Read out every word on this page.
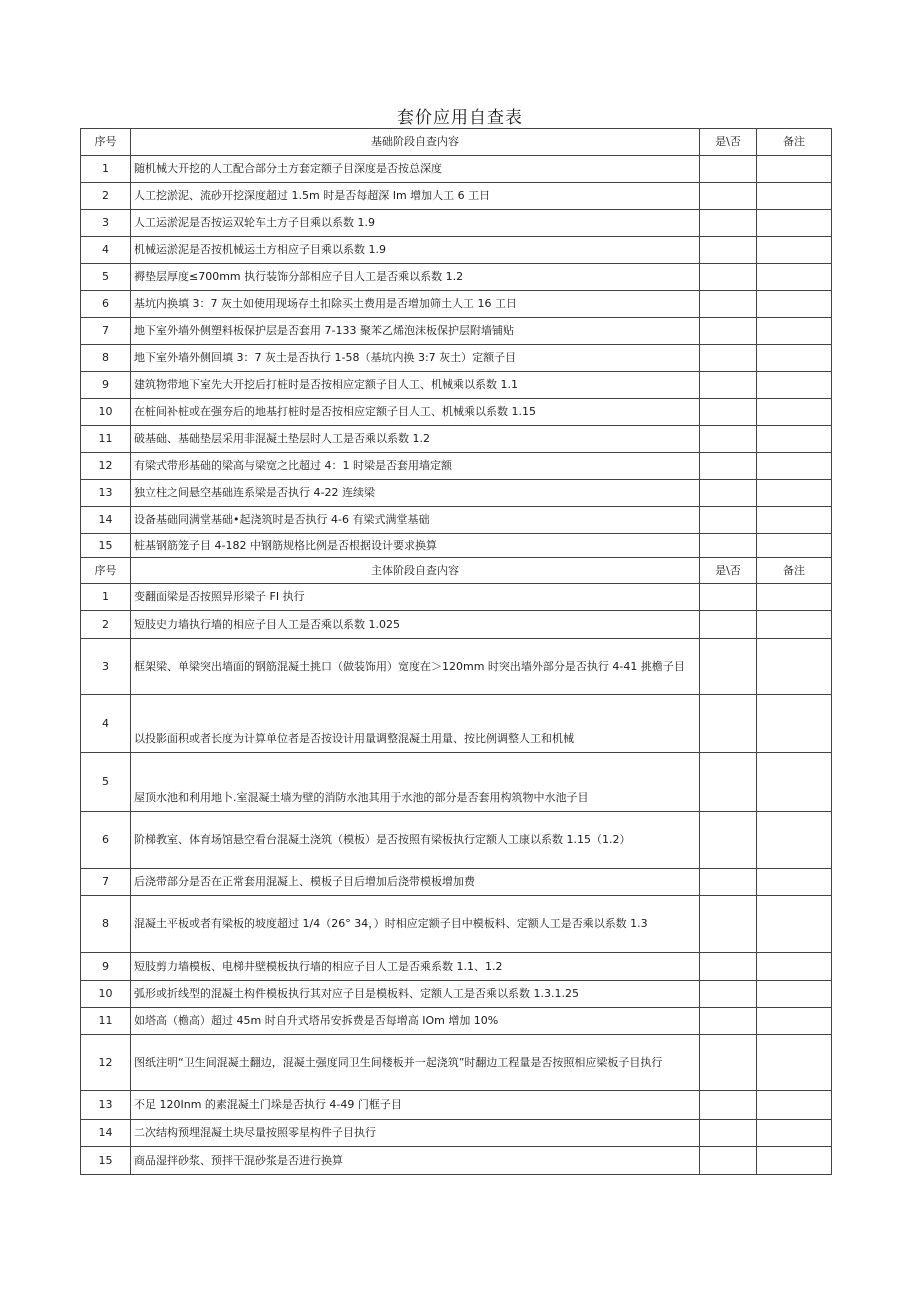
套价应用自查表
序号	基础阶段自查内容	是\否	备注
1	随机械大开挖的人工配合部分土方套定额子目深度是否按总深度		
2	人工挖淤泥、流砂开挖深度超过 1.5m 时是否每超深 Im 增加人工 6 工日		
3	人工运淤泥是否按运双轮车土方子目乘以系数 1.9		
4	机械运淤泥是否按机械运土方相应子目乘以系数 1.9		
5	褥垫层厚度≤700mm 执行装饰分部相应子目人工是否乘以系数 1.2		
6	基坑内换填 3：7 灰土如使用现场存土扣除买土费用是否增加筛土人工 16 工日		
7	地下室外墙外侧塑料板保护层是否套用 7-133 聚苯乙烯泡沫板保护层附墙铺贴		
8	地下室外墙外侧回填 3：7 灰土是否执行 1-58（基坑内换 3:7 灰土）定额子目		
9	建筑物带地下室先大开挖后打桩时是否按相应定额子目人工、机械乘以系数 1.1		
10	在桩间补桩或在强夯后的地基打桩时是否按相应定额子目人工、机械乘以系数 1.15		
11	破基础、基础垫层采用非混凝土垫层时人工是否乘以系数 1.2		
12	有梁式带形基础的梁高与梁宽之比超过 4：1 时梁是否套用墙定额		
13	独立柱之间悬空基础连系梁是否执行 4-22 连续梁		
14	设备基础同满堂基础•起浇筑时是否执行 4-6 有梁式满堂基础		
15	桩基钢筋笼子目 4-182 中钢筋规格比例是否根据设计要求换算		
序号	主体阶段自查内容	是\否	备注
1	变翻面梁是否按照异形梁子 FI 执行		
2	短肢史力墙执行墙的相应子目人工是否乘以系数 1.025		
3	框架梁、单梁突出墙面的钢筋混凝土挑口（做装饰用）宽度在＞120mm 时突出墙外部分是否执行 4-41 挑檐子目		
4	以投影面积或者长度为计算单位者是否按设计用量调整混凝土用量、按比例调整人工和机械		
5	屋顶水池和利用地卜.室混凝土墙为壁的消防水池其用于水池的部分是否套用构筑物中水池子目		
6	阶梯教室、体育场馆悬空看台混凝土浇筑（模板）是否按照有梁板执行定额人工康以系数 1.15（1.2）		
7	后浇带部分是否在正常套用混凝上、模板子目后增加后浇带模板增加费		
8	混凝土平板或者有梁板的坡度超过 1/4（26° 34，）时相应定额子目中模板料、定额人工是否乘以系数 1.3		
9	短肢剪力墙模板、电梯井壁模板执行墙的相应子目人工是否乘系数 1.1、1.2		
10	弧形或折线型的混凝土构件模板执行其对应子目是模板料、定额人工是否乘以系数 1.3.1.25		
11	如塔高（檐高）超过 45m 时自升式塔吊安拆费是否每增高 IOm 增加 10%		
12	图纸注明“卫生间混凝土翻边，混凝土强度同卫生间楼板并一起浇筑”时翻边工程量是否按照相应梁板子目执行		
13	不足 120Inm 的素混凝土门垛是否执行 4-49 门框子目		
14	二次结构预埋混凝土块尽量按照零星构件子目执行		
15	商品湿拌砂浆、预拌干混砂浆是否进行换算		
